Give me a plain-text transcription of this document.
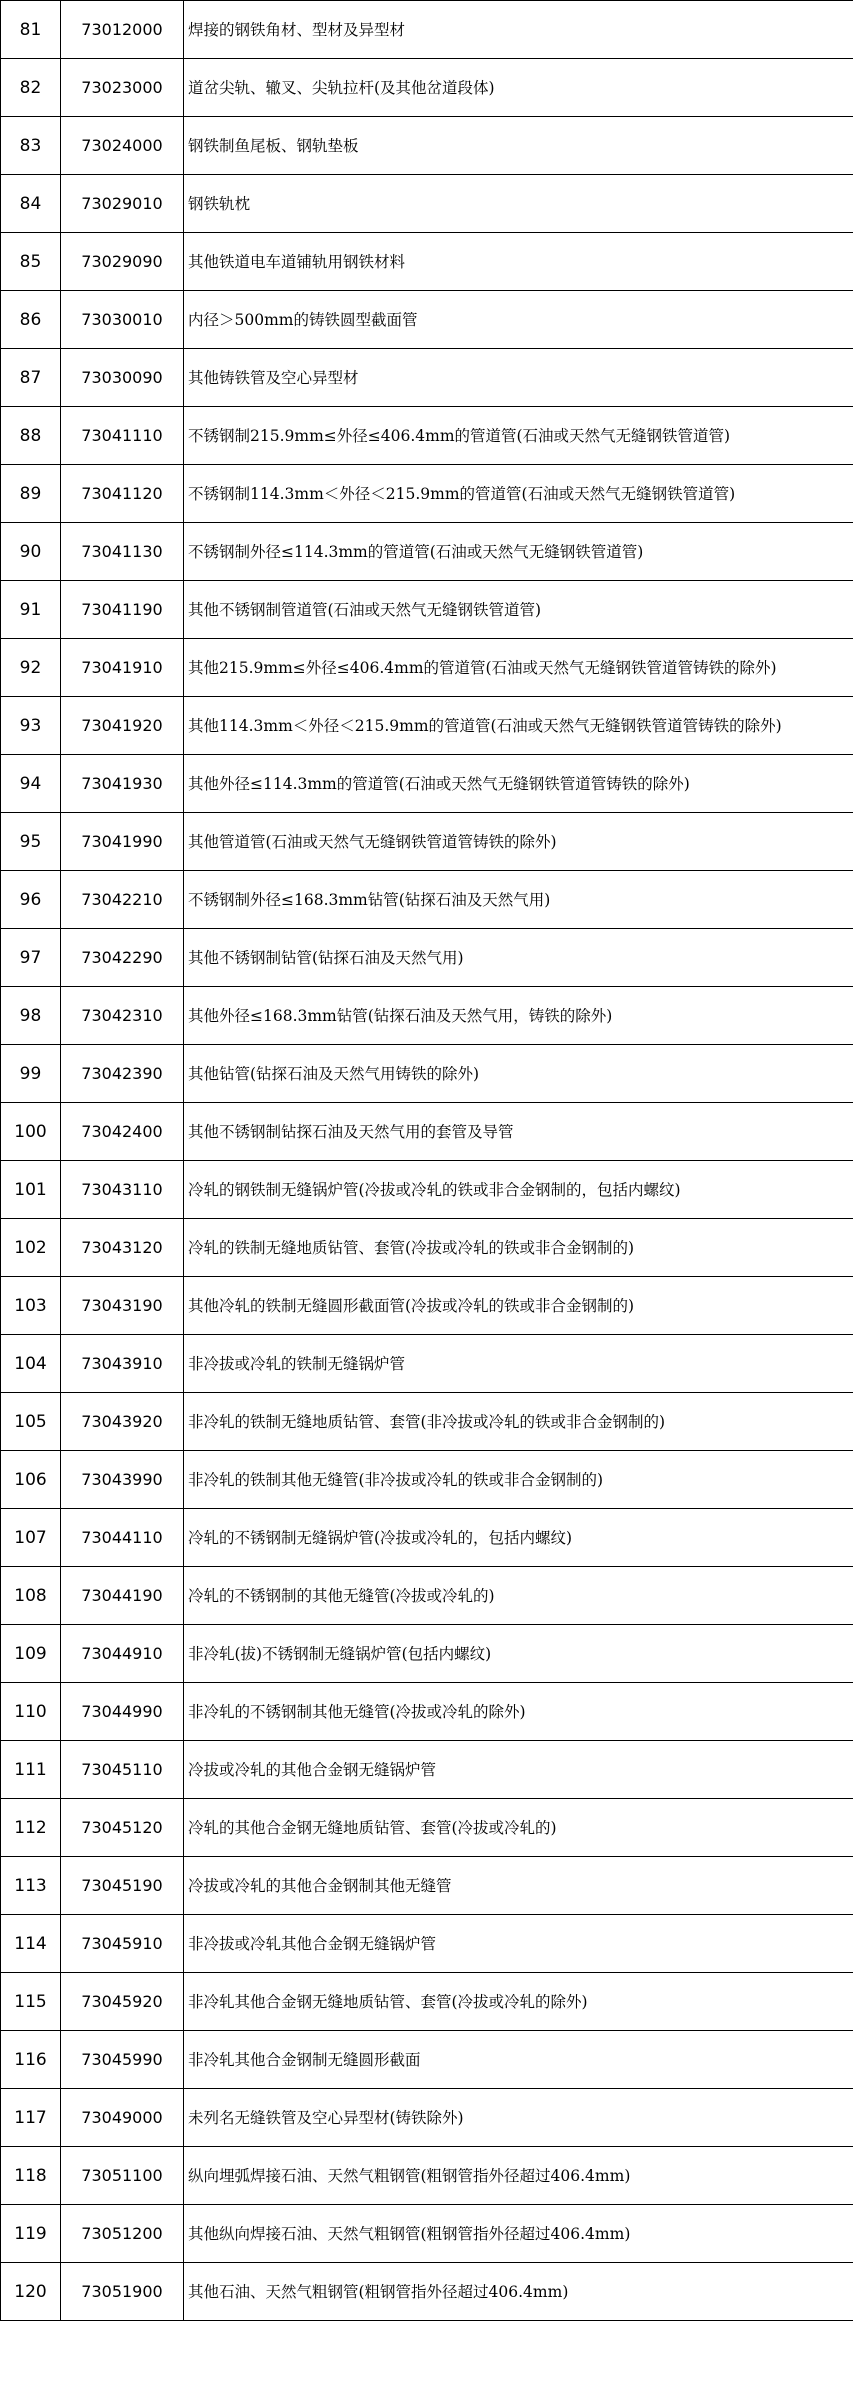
81	73012000	焊接的钢铁角材、型材及异型材
82	73023000	道岔尖轨、辙叉、尖轨拉杆(及其他岔道段体)
83	73024000	钢铁制鱼尾板、钢轨垫板
84	73029010	钢铁轨枕
85	73029090	其他铁道电车道铺轨用钢铁材料
86	73030010	内径＞500mm的铸铁圆型截面管
87	73030090	其他铸铁管及空心异型材
88	73041110	不锈钢制215.9mm≤外径≤406.4mm的管道管(石油或天然气无缝钢铁管道管)
89	73041120	不锈钢制114.3mm＜外径＜215.9mm的管道管(石油或天然气无缝钢铁管道管)
90	73041130	不锈钢制外径≤114.3mm的管道管(石油或天然气无缝钢铁管道管)
91	73041190	其他不锈钢制管道管(石油或天然气无缝钢铁管道管)
92	73041910	其他215.9mm≤外径≤406.4mm的管道管(石油或天然气无缝钢铁管道管铸铁的除外)
93	73041920	其他114.3mm＜外径＜215.9mm的管道管(石油或天然气无缝钢铁管道管铸铁的除外)
94	73041930	其他外径≤114.3mm的管道管(石油或天然气无缝钢铁管道管铸铁的除外)
95	73041990	其他管道管(石油或天然气无缝钢铁管道管铸铁的除外)
96	73042210	不锈钢制外径≤168.3mm钻管(钻探石油及天然气用)
97	73042290	其他不锈钢制钻管(钻探石油及天然气用)
98	73042310	其他外径≤168.3mm钻管(钻探石油及天然气用，铸铁的除外)
99	73042390	其他钻管(钻探石油及天然气用铸铁的除外)
100	73042400	其他不锈钢制钻探石油及天然气用的套管及导管
101	73043110	冷轧的钢铁制无缝锅炉管(冷拔或冷轧的铁或非合金钢制的，包括内螺纹)
102	73043120	冷轧的铁制无缝地质钻管、套管(冷拔或冷轧的铁或非合金钢制的)
103	73043190	其他冷轧的铁制无缝圆形截面管(冷拔或冷轧的铁或非合金钢制的)
104	73043910	非冷拔或冷轧的铁制无缝锅炉管
105	73043920	非冷轧的铁制无缝地质钻管、套管(非冷拔或冷轧的铁或非合金钢制的)
106	73043990	非冷轧的铁制其他无缝管(非冷拔或冷轧的铁或非合金钢制的)
107	73044110	冷轧的不锈钢制无缝锅炉管(冷拔或冷轧的，包括内螺纹)
108	73044190	冷轧的不锈钢制的其他无缝管(冷拔或冷轧的)
109	73044910	非冷轧(拔)不锈钢制无缝锅炉管(包括内螺纹)
110	73044990	非冷轧的不锈钢制其他无缝管(冷拔或冷轧的除外)
111	73045110	冷拔或冷轧的其他合金钢无缝锅炉管
112	73045120	冷轧的其他合金钢无缝地质钻管、套管(冷拔或冷轧的)
113	73045190	冷拔或冷轧的其他合金钢制其他无缝管
114	73045910	非冷拔或冷轧其他合金钢无缝锅炉管
115	73045920	非冷轧其他合金钢无缝地质钻管、套管(冷拔或冷轧的除外)
116	73045990	非冷轧其他合金钢制无缝圆形截面
117	73049000	未列名无缝铁管及空心异型材(铸铁除外)
118	73051100	纵向埋弧焊接石油、天然气粗钢管(粗钢管指外径超过406.4mm)
119	73051200	其他纵向焊接石油、天然气粗钢管(粗钢管指外径超过406.4mm)
120	73051900	其他石油、天然气粗钢管(粗钢管指外径超过406.4mm)
